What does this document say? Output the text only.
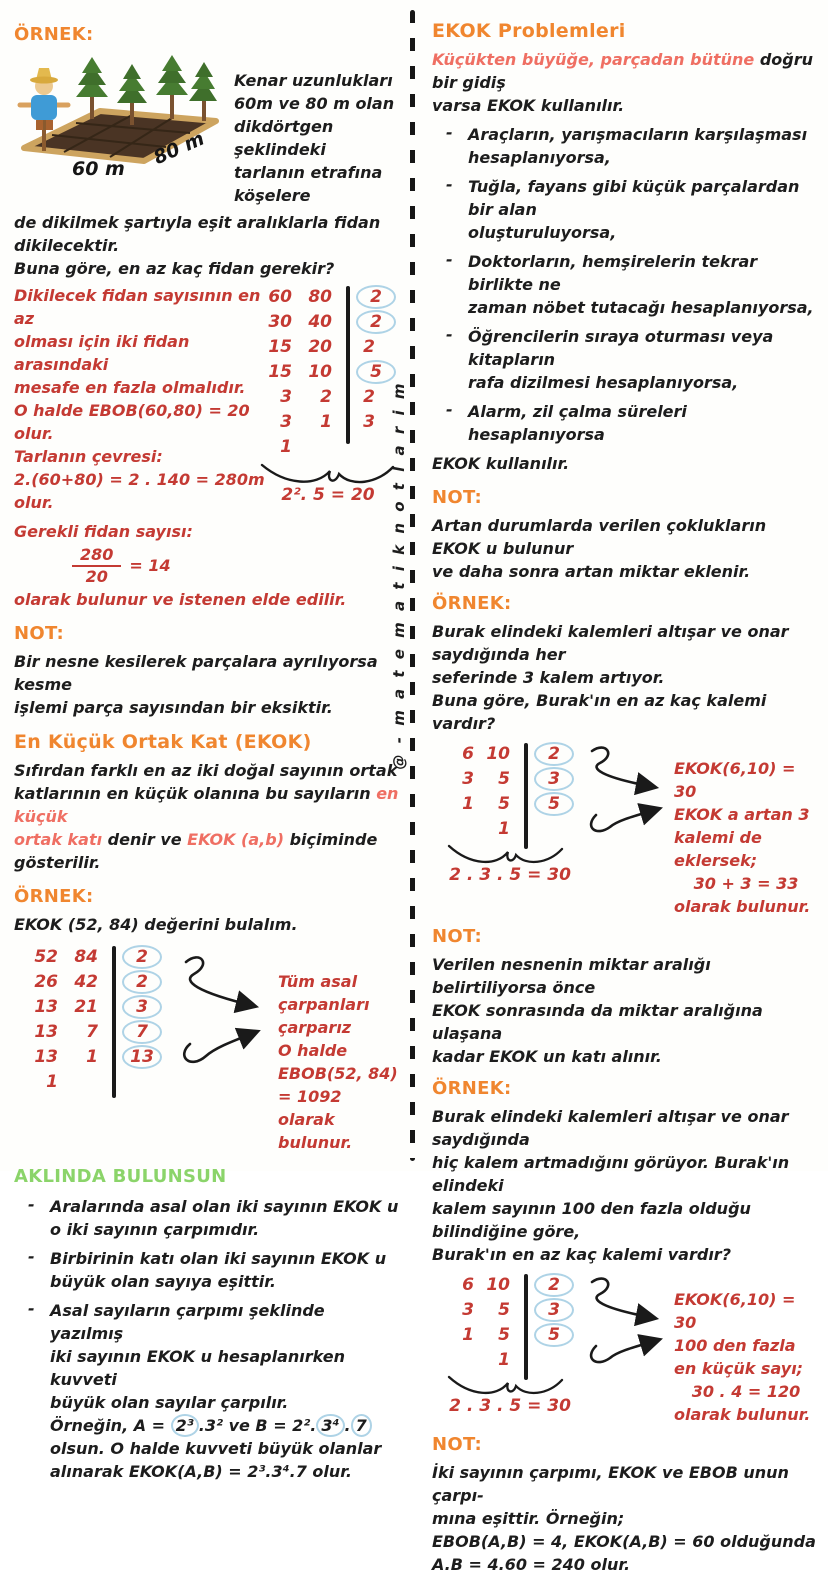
@ - m a t e m a t i k n o t l a r i m
ÖRNEK:
60 m 80 m
Kenar uzunlukları
60m ve 80 m olan
dikdörtgen şeklindeki
tarlanın etrafına
köşelere
de dikilmek şartıyla eşit aralıklarla fidan
dikilecektir.
Buna göre, en az kaç fidan gerekir?
Dikilecek fidan sayısının en az
olması için iki fidan arasındaki
mesafe en fazla olmalıdır.
O halde EBOB(60,80) = 20 olur.
Tarlanın çevresi:
2.(60+80) = 2 . 140 = 280m olur.
Gerekli fidan sayısı:
$\frac{280}{20} = 14$
olarak bulunur ve istenen elde edilir.
60 80	2
30 40	2
15 20	2
15 10	5
3	2	2
3	1	3
1
2². 5 = 20
NOT:
Bir nesne kesilerek parçalara ayrılıyorsa kesme
işlemi parça sayısından bir eksiktir.
En Küçük Ortak Kat (EKOK)
Sıfırdan farklı en az iki doğal sayının ortak
katlarının en küçük olanına bu sayıların en küçük
ortak katı denir ve EKOK (a,b) biçiminde gösterilir.
ÖRNEK:
EKOK (52, 84) değerini bulalım.
52 84	2
26 42	2
13 21	3
13	7	7
13	1	13
1
Tüm asal çarpanları
çarparız
O halde
EBOB(52, 84) = 1092
olarak bulunur.
AKLINDA BULUNSUN
- Aralarında asal olan iki sayının EKOK u
o iki sayının çarpımıdır.
- Birbirinin katı olan iki sayının EKOK u
büyük olan sayıya eşittir.
- Asal sayıların çarpımı şeklinde yazılmış
iki sayının EKOK u hesaplanırken kuvveti
büyük olan sayılar çarpılır.
Örneğin, A = 2³ .3² ve B = 2². 3⁴ . 7
olsun. O halde kuvveti büyük olanlar
alınarak EKOK(A,B) = 2³.3⁴.7 olur.
EKOK Problemleri
Küçükten büyüğe, parçadan bütüne doğru bir gidiş
varsa EKOK kullanılır.
- Araçların, yarışmacıların karşılaşması
hesaplanıyorsa,
- Tuğla, fayans gibi küçük parçalardan bir alan
oluşturuluyorsa,
- Doktorların, hemşirelerin tekrar birlikte ne
zaman nöbet tutacağı hesaplanıyorsa,
- Öğrencilerin sıraya oturması veya kitapların
rafa dizilmesi hesaplanıyorsa,
- Alarm, zil çalma süreleri hesaplanıyorsa
EKOK kullanılır.
NOT:
Artan durumlarda verilen çoklukların EKOK u bulunur
ve daha sonra artan miktar eklenir.
ÖRNEK:
Burak elindeki kalemleri altışar ve onar saydığında her
seferinde 3 kalem artıyor.
Buna göre, Burak'ın en az kaç kalemi vardır?
6 10	2
3	5	3
1	5	5
1
2 . 3 . 5 = 30
EKOK(6,10) = 30
EKOK a artan 3 kalemi de
eklersek;
30 + 3 = 33
olarak bulunur.
NOT:
Verilen nesnenin miktar aralığı belirtiliyorsa önce
EKOK sonrasında da miktar aralığına ulaşana
kadar EKOK un katı alınır.
ÖRNEK:
Burak elindeki kalemleri altışar ve onar saydığında
hiç kalem artmadığını görüyor. Burak'ın elindeki
kalem sayının 100 den fazla olduğu bilindiğine göre,
Burak'ın en az kaç kalemi vardır?
6 10	2
3	5	3
1	5	5
1
2 . 3 . 5 = 30
EKOK(6,10) = 30
100 den fazla en küçük sayı;
30 . 4 = 120
olarak bulunur.
NOT:
İki sayının çarpımı, EKOK ve EBOB unun çarpı-
mına eşittir. Örneğin;
EBOB(A,B) = 4, EKOK(A,B) = 60 olduğunda
A.B = 4.60 = 240 olur.
